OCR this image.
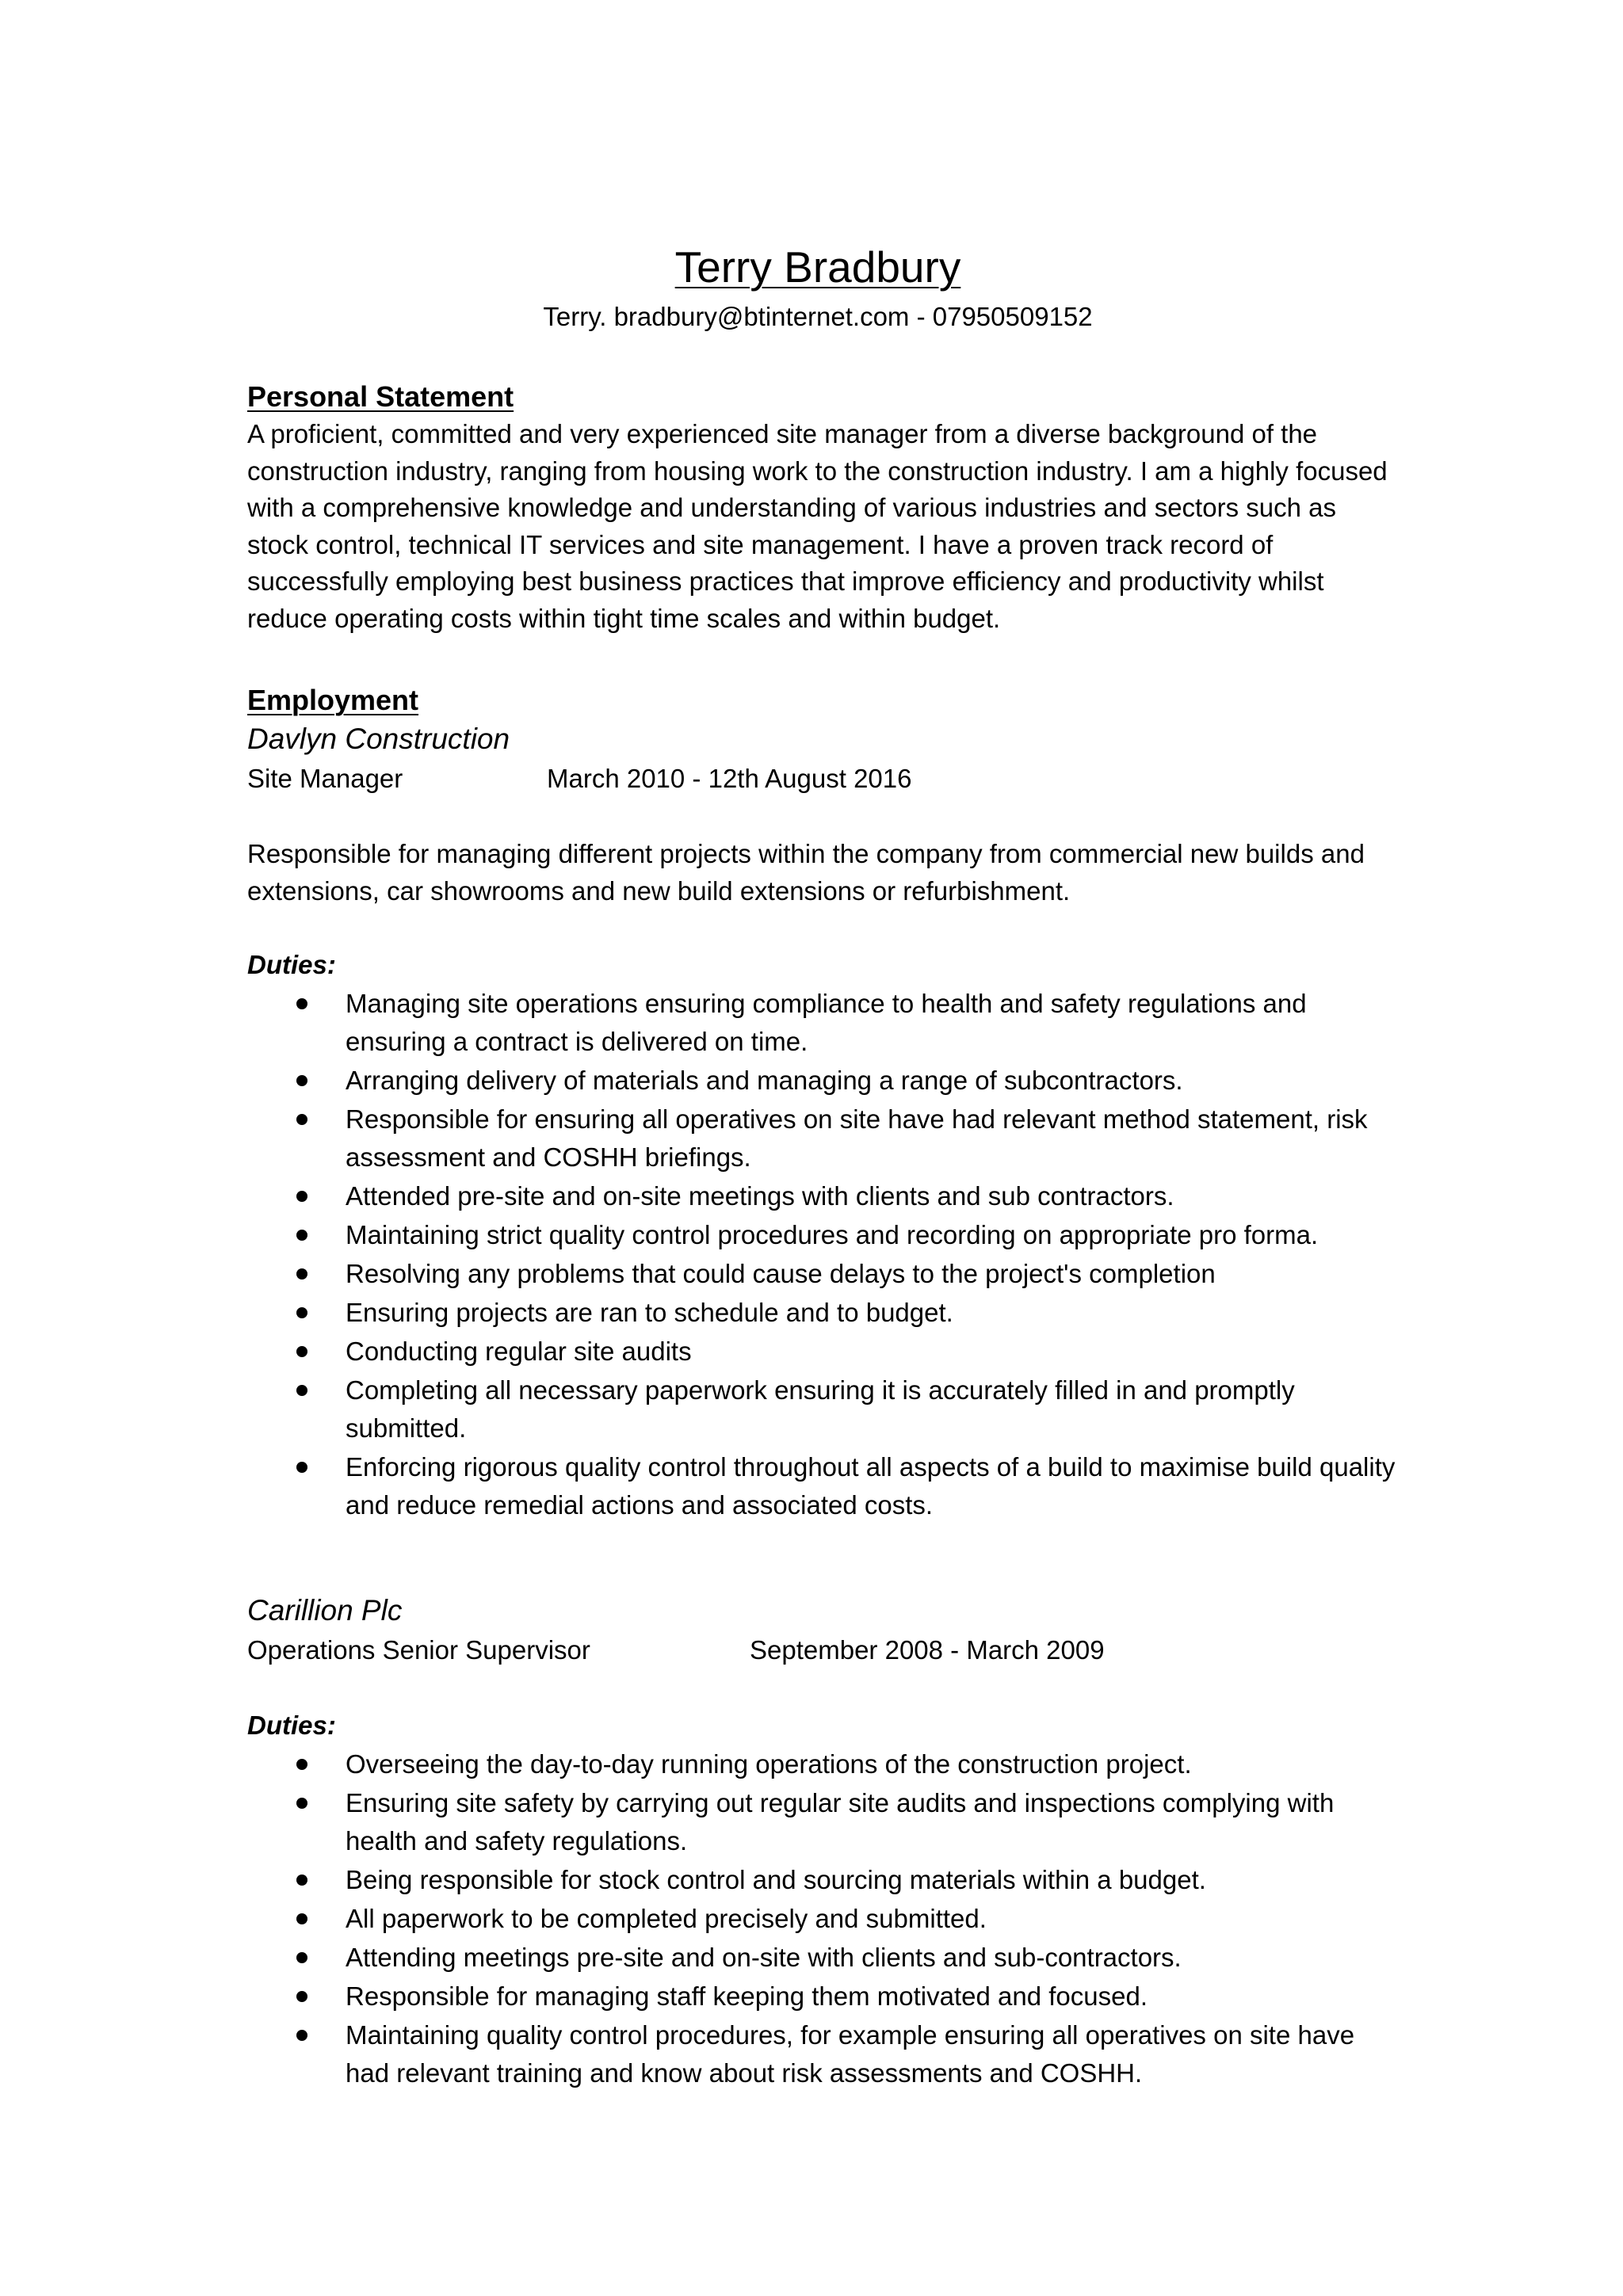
Terry Bradbury
Terry. bradbury@btinternet.com - 07950509152
Personal Statement
A proficient, committed and very experienced site manager from a diverse background of the construction industry, ranging from housing work to the construction industry. I am a highly focused with a comprehensive knowledge and understanding of various industries and sectors such as stock control, technical IT services and site management. I have a proven track record of successfully employing best business practices that improve efficiency and productivity whilst reduce operating costs within tight time scales and within budget.
Employment
Davlyn Construction
Site Manager	March 2010 - 12th August 2016
Responsible for managing different projects within the company from commercial new builds and extensions, car showrooms and new build extensions or refurbishment.
Duties:
Managing site operations ensuring compliance to health and safety regulations and ensuring a contract is delivered on time.
Arranging delivery of materials and managing a range of subcontractors.
Responsible for ensuring all operatives on site have had relevant method statement, risk assessment and COSHH briefings.
Attended pre-site and on-site meetings with clients and sub contractors.
Maintaining strict quality control procedures and recording on appropriate pro forma.
Resolving any problems that could cause delays to the project's completion
Ensuring projects are ran to schedule and to budget.
Conducting regular site audits
Completing all necessary paperwork ensuring it is accurately filled in and promptly submitted.
Enforcing rigorous quality control throughout all aspects of a build to maximise build quality and reduce remedial actions and associated costs.
Carillion Plc
Operations Senior Supervisor	September 2008 - March 2009
Duties:
Overseeing the day-to-day running operations of the construction project.
Ensuring site safety by carrying out regular site audits and inspections complying with health and safety regulations.
Being responsible for stock control and sourcing materials within a budget.
All paperwork to be completed precisely and submitted.
Attending meetings pre-site and on-site with clients and sub-contractors.
Responsible for managing staff keeping them motivated and focused.
Maintaining quality control procedures, for example ensuring all operatives on site have had relevant training and know about risk assessments and COSHH.
